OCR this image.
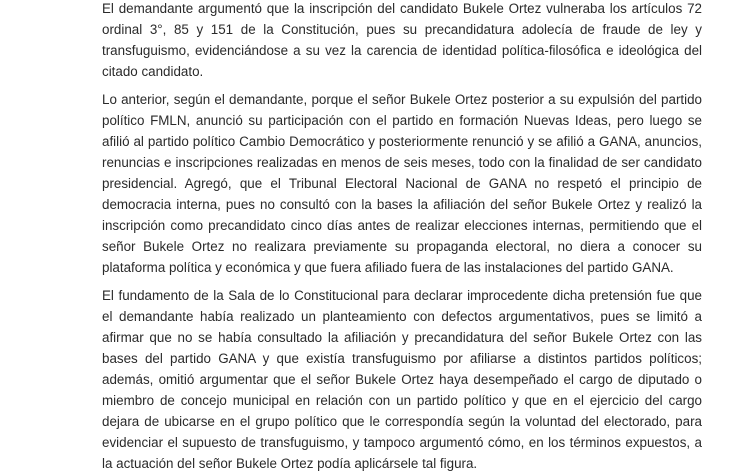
El demandante argumentó que la inscripción del candidato Bukele Ortez vulneraba los artículos 72 ordinal 3°, 85 y 151 de la Constitución, pues su precandidatura adolecía de fraude de ley y transfuguismo, evidenciándose a su vez la carencia de identidad política-filosófica e ideológica del citado candidato.

Lo anterior, según el demandante, porque el señor Bukele Ortez posterior a su expulsión del partido político FMLN, anunció su participación con el partido en formación Nuevas Ideas, pero luego se afilió al partido político Cambio Democrático y posteriormente renunció y se afilió a GANA, anuncios, renuncias e inscripciones realizadas en menos de seis meses, todo con la finalidad de ser candidato presidencial. Agregó, que el Tribunal Electoral Nacional de GANA no respetó el principio de democracia interna, pues no consultó con la bases la afiliación del señor Bukele Ortez y realizó la inscripción como precandidato cinco días antes de realizar elecciones internas, permitiendo que el señor Bukele Ortez no realizara previamente su propaganda electoral, no diera a conocer su plataforma política y económica y que fuera afiliado fuera de las instalaciones del partido GANA.

El fundamento de la Sala de lo Constitucional para declarar improcedente dicha pretensión fue que el demandante había realizado un planteamiento con defectos argumentativos, pues se limitó a afirmar que no se había consultado la afiliación y precandidatura del señor Bukele Ortez con las bases del partido GANA y que existía transfuguismo por afiliarse a distintos partidos políticos; además, omitió argumentar que el señor Bukele Ortez haya desempeñado el cargo de diputado o miembro de concejo municipal en relación con un partido político y que en el ejercicio del cargo dejara de ubicarse en el grupo político que le correspondía según la voluntad del electorado, para evidenciar el supuesto de transfuguismo, y tampoco argumentó cómo, en los términos expuestos, a la actuación del señor Bukele Ortez podía aplicársele tal figura.
